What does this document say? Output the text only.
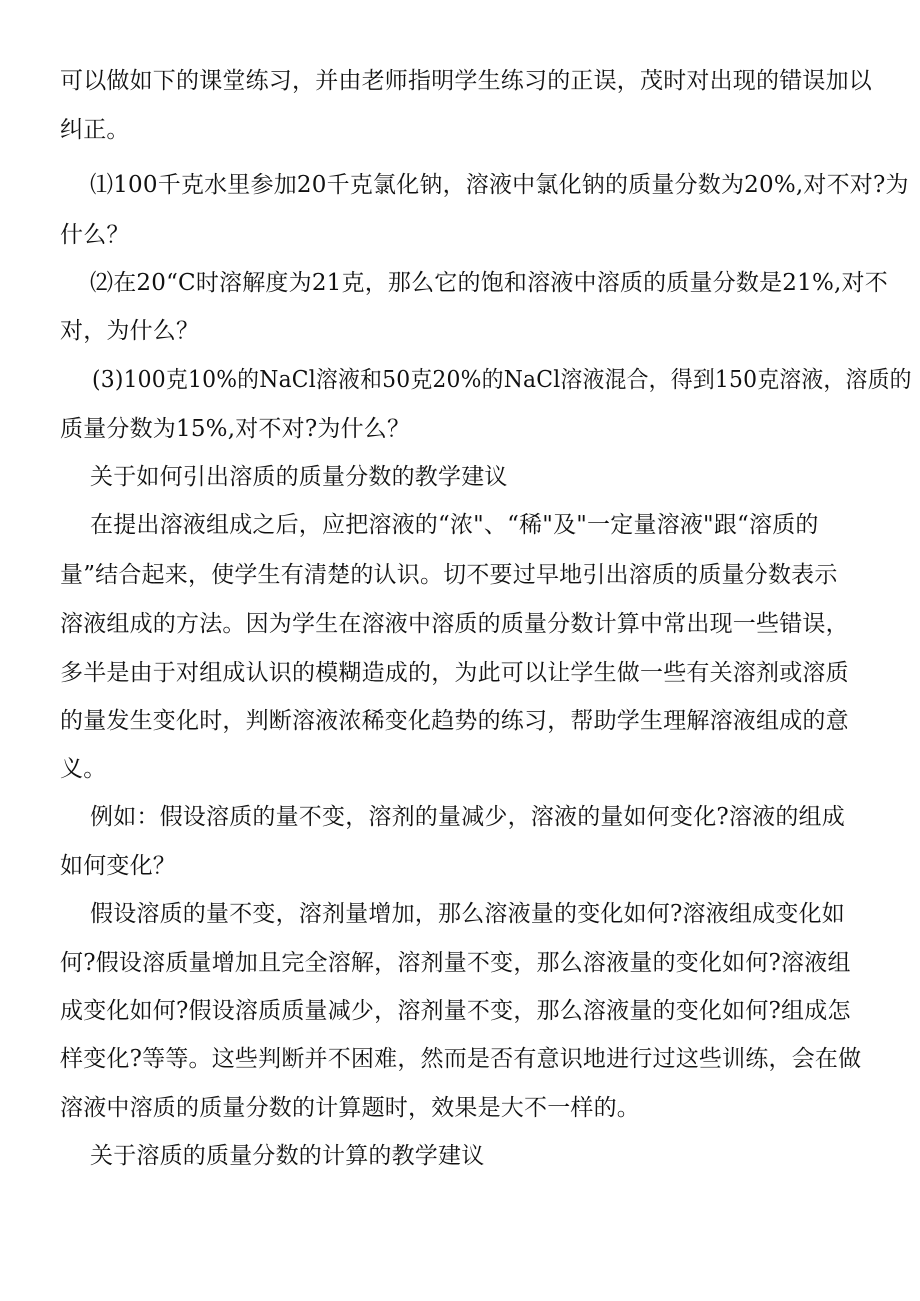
可以做如下的课堂练习，并由老师指明学生练习的正误，茂时对出现的错误加以
纠正。
⑴100千克水里参加20千克氯化钠，溶液中氯化钠的质量分数为20%,对不对?为
什么？
⑵在20“C时溶解度为21克，那么它的饱和溶液中溶质的质量分数是21%,对不
对，为什么？
(3)100克10%的NaCl溶液和50克20%的NaCl溶液混合，得到150克溶液，溶质的
质量分数为15%,对不对?为什么？
关于如何引出溶质的质量分数的教学建议
在提出溶液组成之后，应把溶液的“浓"、“稀"及"一定量溶液"跟“溶质的
量”结合起来，使学生有清楚的认识。切不要过早地引出溶质的质量分数表示
溶液组成的方法。因为学生在溶液中溶质的质量分数计算中常出现一些错误，
多半是由于对组成认识的模糊造成的，为此可以让学生做一些有关溶剂或溶质
的量发生变化时，判断溶液浓稀变化趋势的练习，帮助学生理解溶液组成的意
义。
例如：假设溶质的量不变，溶剂的量减少，溶液的量如何变化?溶液的组成
如何变化？
假设溶质的量不变，溶剂量增加，那么溶液量的变化如何?溶液组成变化如
何?假设溶质量增加且完全溶解，溶剂量不变，那么溶液量的变化如何?溶液组
成变化如何?假设溶质质量减少，溶剂量不变，那么溶液量的变化如何?组成怎
样变化?等等。这些判断并不困难，然而是否有意识地进行过这些训练，会在做
溶液中溶质的质量分数的计算题时，效果是大不一样的。
关于溶质的质量分数的计算的教学建议
